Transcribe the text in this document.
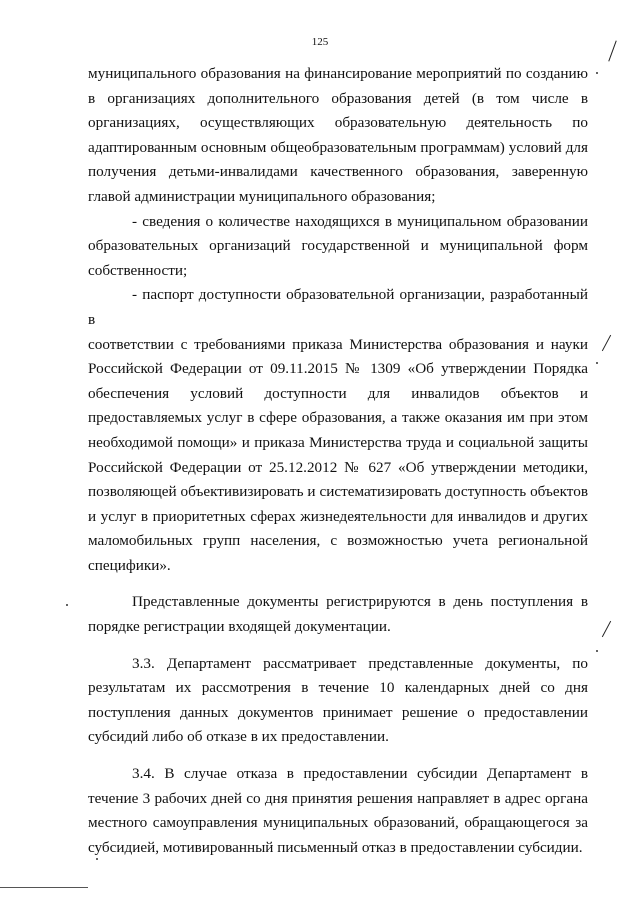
125
муниципального образования на финансирование мероприятий по созданию
в организациях дополнительного образования детей (в том числе в
организациях, осуществляющих образовательную деятельность по
адаптированным основным общеобразовательным программам) условий для
получения детьми-инвалидами качественного образования, заверенную
главой администрации муниципального образования;
- сведения о количестве находящихся в муниципальном образовании
образовательных организаций государственной и муниципальной форм
собственности;
- паспорт доступности образовательной организации, разработанный в
соответствии с требованиями приказа Министерства образования и науки
Российской Федерации от 09.11.2015 № 1309 «Об утверждении Порядка
обеспечения условий доступности для инвалидов объектов и
предоставляемых услуг в сфере образования, а также оказания им при этом
необходимой помощи» и приказа Министерства труда и социальной защиты
Российской Федерации от 25.12.2012 № 627 «Об утверждении методики,
позволяющей объективизировать и систематизировать доступность объектов
и услуг в приоритетных сферах жизнедеятельности для инвалидов и других
маломобильных групп населения, с возможностью учета региональной
специфики».
Представленные документы регистрируются в день поступления в
порядке регистрации входящей документации.
3.3. Департамент рассматривает представленные документы, по
результатам их рассмотрения в течение 10 календарных дней со дня
поступления данных документов принимает решение о предоставлении
субсидий либо об отказе в их предоставлении.
3.4. В случае отказа в предоставлении субсидии Департамент в
течение 3 рабочих дней со дня принятия решения направляет в адрес органа
местного самоуправления муниципальных образований, обращающегося за
субсидией, мотивированный письменный отказ в предоставлении субсидии.
